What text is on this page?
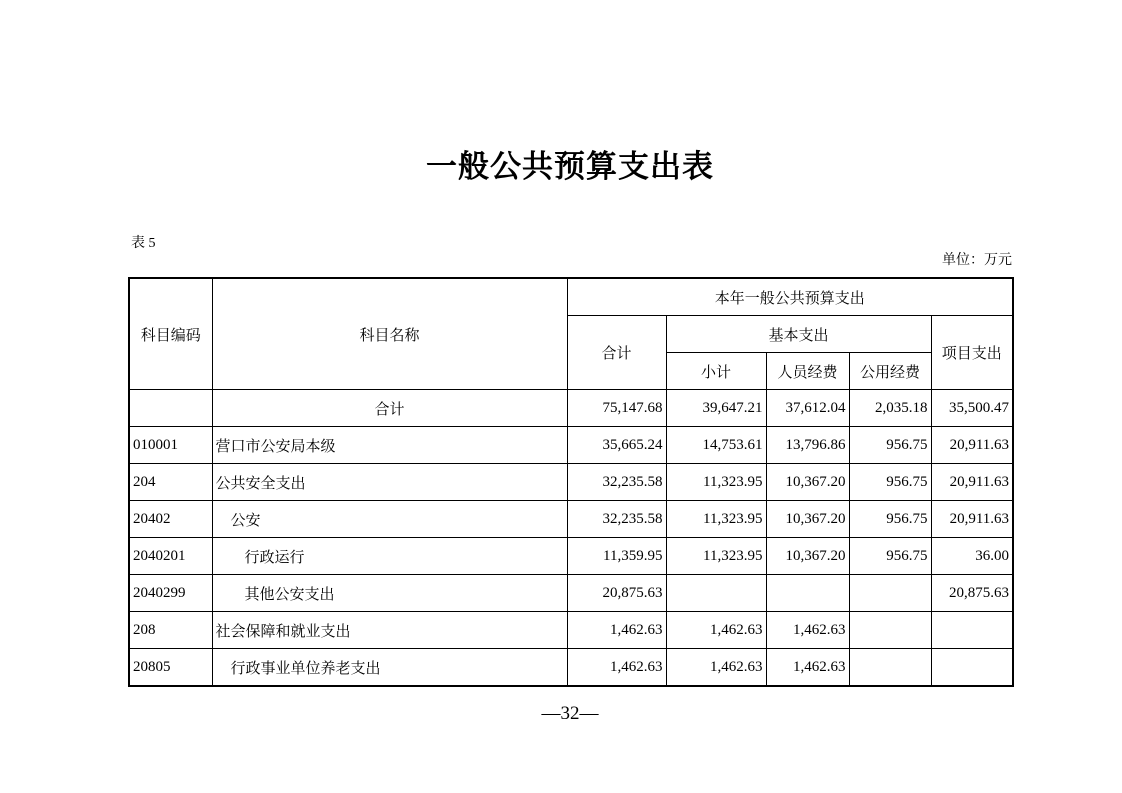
一般公共预算支出表
表 5
单位：万元
科目编码	科目名称	本年一般公共预算支出				
		合计	基本支出			项目支出
			小计	人员经费	公用经费	
	合计	75,147.68	39,647.21	37,612.04	2,035.18	35,500.47
010001	营口市公安局本级	35,665.24	14,753.61	13,796.86	956.75	20,911.63
204	公共安全支出	32,235.58	11,323.95	10,367.20	956.75	20,911.63
20402	公安	32,235.58	11,323.95	10,367.20	956.75	20,911.63
2040201	行政运行	11,359.95	11,323.95	10,367.20	956.75	36.00
2040299	其他公安支出	20,875.63				20,875.63
208	社会保障和就业支出	1,462.63	1,462.63	1,462.63		
20805	行政事业单位养老支出	1,462.63	1,462.63	1,462.63		
—32—
